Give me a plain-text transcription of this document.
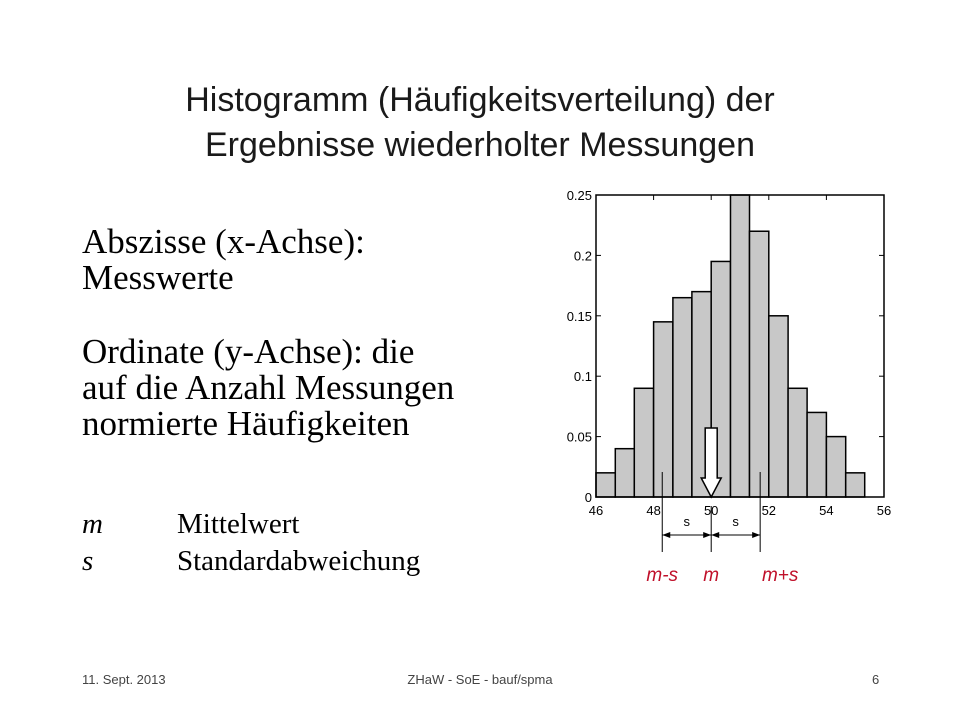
Histogramm (Häufigkeitsverteilung) der
Ergebnisse wiederholter Messungen
Abszisse (x-Achse):
Messwerte
Ordinate (y-Achse): die
auf die Anzahl Messungen
normierte Häufigkeiten
m	Mittelwert
s	Standardabweichung
0
0.05
0.1
0.15
0.2
0.25
46	48	50	52	54	56
s	s
m-s m m+s
11. Sept. 2013	ZHaW - SoE - bauf/spma	6
